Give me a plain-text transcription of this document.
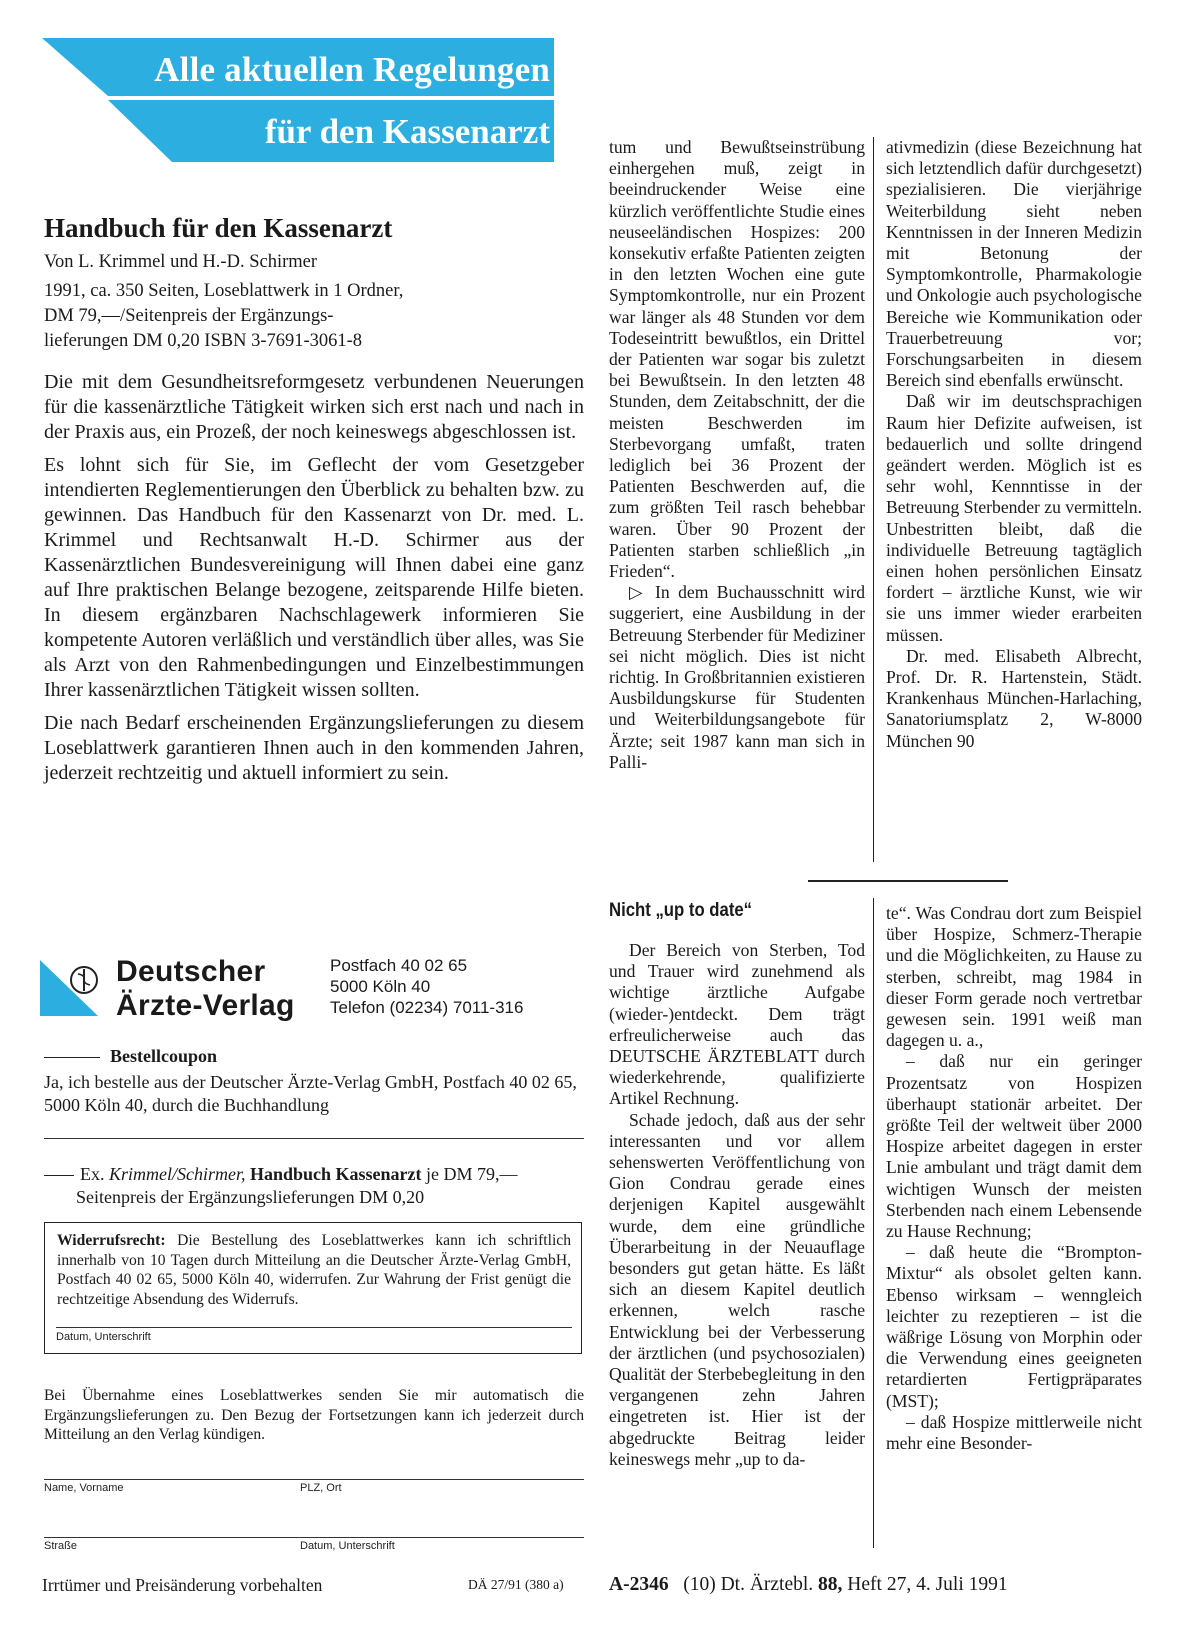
Alle aktuellen Regelungen
für den Kassenarzt
Handbuch für den Kassenarzt
Von L. Krimmel und H.-D. Schirmer
1991, ca. 350 Seiten, Loseblattwerk in 1 Ordner,
DM 79,—/Seitenpreis der Ergänzungs-
lieferungen DM 0,20 ISBN 3-7691-3061-8

Die mit dem Gesundheitsreformgesetz verbundenen Neuerungen für die kassenärztliche Tätigkeit wirken sich erst nach und nach in der Praxis aus, ein Prozeß, der noch keineswegs abgeschlossen ist.

Es lohnt sich für Sie, im Geflecht der vom Gesetzgeber intendierten Reglementierungen den Überblick zu behalten bzw. zu gewinnen. Das Handbuch für den Kassenarzt von Dr. med. L. Krimmel und Rechtsanwalt H.-D. Schirmer aus der Kassenärztlichen Bundesvereinigung will Ihnen dabei eine ganz auf Ihre praktischen Belange bezogene, zeitsparende Hilfe bieten. In diesem ergänzbaren Nachschlagewerk informieren Sie kompetente Autoren verläßlich und verständlich über alles, was Sie als Arzt von den Rahmenbedingungen und Einzelbestimmungen Ihrer kassenärztlichen Tätigkeit wissen sollten.

Die nach Bedarf erscheinenden Ergänzungslieferungen zu diesem Loseblattwerk garantieren Ihnen auch in den kommenden Jahren, jederzeit rechtzeitig und aktuell informiert zu sein.

Deutscher
Ärzte-Verlag
Postfach 40 02 65
5000 Köln 40
Telefon (02234) 7011-316
Bestellcoupon
Ja, ich bestelle aus der Deutscher Ärzte-Verlag GmbH, Postfach 40 02 65, 5000 Köln 40, durch die Buchhandlung
Ex. Krimmel/Schirmer, Handbuch Kassenarzt je DM 79,—
Seitenpreis der Ergänzungslieferungen DM 0,20
Widerrufsrecht: Die Bestellung des Loseblattwerkes kann ich schriftlich innerhalb von 10 Tagen durch Mitteilung an die Deutscher Ärzte-Verlag GmbH, Postfach 40 02 65, 5000 Köln 40, widerrufen. Zur Wahrung der Frist genügt die rechtzeitige Absendung des Widerrufs.
Datum, Unterschrift
Bei Übernahme eines Loseblattwerkes senden Sie mir automatisch die Ergänzungslieferungen zu. Den Bezug der Fortsetzungen kann ich jederzeit durch Mitteilung an den Verlag kündigen.
Name, Vorname	PLZ, Ort
Straße	Datum, Unterschrift
Irrtümer und Preisänderung vorbehalten	DÄ 27/91 (380 a)

tum und Bewußtseinstrübung einhergehen muß, zeigt in beeindruckender Weise eine kürzlich veröffentlichte Studie eines neuseeländischen Hospizes: 200 konsekutiv erfaßte Patienten zeigten in den letzten Wochen eine gute Symptomkontrolle, nur ein Prozent war länger als 48 Stunden vor dem Todeseintritt bewußtlos, ein Drittel der Patienten war sogar bis zuletzt bei Bewußtsein. In den letzten 48 Stunden, dem Zeitabschnitt, der die meisten Beschwerden im Sterbevorgang umfaßt, traten lediglich bei 36 Prozent der Patienten Beschwerden auf, die zum größten Teil rasch behebbar waren. Über 90 Prozent der Patienten starben schließlich „in Frieden“.

▷ In dem Buchausschnitt wird suggeriert, eine Ausbildung in der Betreuung Sterbender für Mediziner sei nicht möglich. Dies ist nicht richtig. In Großbritannien existieren Ausbildungskurse für Studenten und Weiterbildungsangebote für Ärzte; seit 1987 kann man sich in Palli-

ativmedizin (diese Bezeichnung hat sich letztendlich dafür durchgesetzt) spezialisieren. Die vierjährige Weiterbildung sieht neben Kenntnissen in der Inneren Medizin mit Betonung der Symptomkontrolle, Pharmakologie und Onkologie auch psychologische Bereiche wie Kommunikation oder Trauerbetreuung vor; Forschungsarbeiten in diesem Bereich sind ebenfalls erwünscht.

Daß wir im deutschsprachigen Raum hier Defizite aufweisen, ist bedauerlich und sollte dringend geändert werden. Möglich ist es sehr wohl, Kennntisse in der Betreuung Sterbender zu vermitteln. Unbestritten bleibt, daß die individuelle Betreuung tagtäglich einen hohen persönlichen Einsatz fordert – ärztliche Kunst, wie wir sie uns immer wieder erarbeiten müssen.

Dr. med. Elisabeth Albrecht, Prof. Dr. R. Hartenstein, Städt. Krankenhaus München-Harlaching, Sanatoriumsplatz 2, W-8000 München 90

Nicht „up to date“

Der Bereich von Sterben, Tod und Trauer wird zunehmend als wichtige ärztliche Aufgabe (wieder-)entdeckt. Dem trägt erfreulicherweise auch das DEUTSCHE ÄRZTEBLATT durch wiederkehrende, qualifizierte Artikel Rechnung.

Schade jedoch, daß aus der sehr interessanten und vor allem sehenswerten Veröffentlichung von Gion Condrau gerade eines derjenigen Kapitel ausgewählt wurde, dem eine gründliche Überarbeitung in der Neuauflage besonders gut getan hätte. Es läßt sich an diesem Kapitel deutlich erkennen, welch rasche Entwicklung bei der Verbesserung der ärztlichen (und psychosozialen) Qualität der Sterbebegleitung in den vergangenen zehn Jahren eingetreten ist. Hier ist der abgedruckte Beitrag leider keineswegs mehr „up to da-

te“. Was Condrau dort zum Beispiel über Hospize, Schmerz-Therapie und die Möglichkeiten, zu Hause zu sterben, schreibt, mag 1984 in dieser Form gerade noch vertretbar gewesen sein. 1991 weiß man dagegen u. a.,

– daß nur ein geringer Prozentsatz von Hospizen überhaupt stationär arbeitet. Der größte Teil der weltweit über 2000 Hospize arbeitet dagegen in erster Lnie ambulant und trägt damit dem wichtigen Wunsch der meisten Sterbenden nach einem Lebensende zu Hause Rechnung;

– daß heute die “Brompton-Mixtur“ als obsolet gelten kann. Ebenso wirksam – wenngleich leichter zu rezeptieren – ist die wäßrige Lösung von Morphin oder die Verwendung eines geeigneten retardierten Fertigpräparates (MST);

– daß Hospize mittlerweile nicht mehr eine Besonder-

A-2346 (10) Dt. Ärztebl. 88, Heft 27, 4. Juli 1991
